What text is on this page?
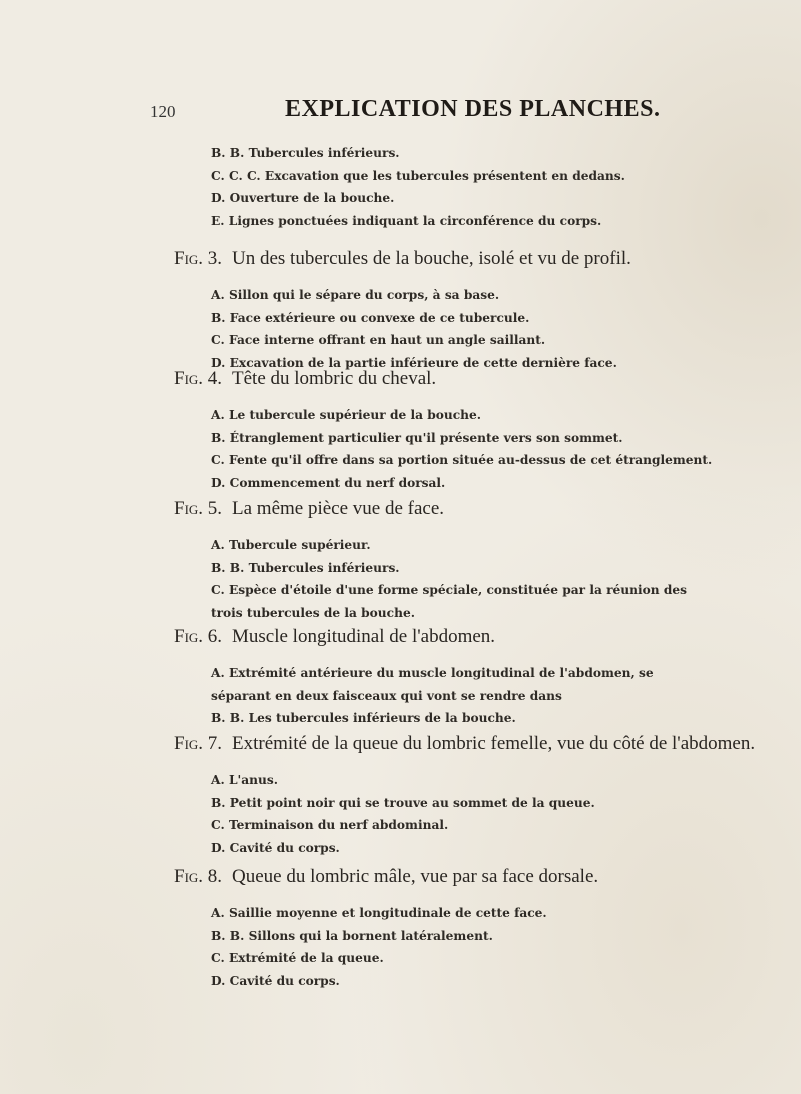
120	EXPLICATION DES PLANCHES.
B. B. Tubercules inférieurs.
C. C. C. Excavation que les tubercules présentent en dedans.
D. Ouverture de la bouche.
E. Lignes ponctuées indiquant la circonférence du corps.
Fig. 3. Un des tubercules de la bouche, isolé et vu de profil.
A. Sillon qui le sépare du corps, à sa base.
B. Face extérieure ou convexe de ce tubercule.
C. Face interne offrant en haut un angle saillant.
D. Excavation de la partie inférieure de cette dernière face.
Fig. 4. Tête du lombric du cheval.
A. Le tubercule supérieur de la bouche.
B. Étranglement particulier qu'il présente vers son sommet.
C. Fente qu'il offre dans sa portion située au-dessus de cet étranglement.
D. Commencement du nerf dorsal.
Fig. 5. La même pièce vue de face.
A. Tubercule supérieur.
B. B. Tubercules inférieurs.
C. Espèce d'étoile d'une forme spéciale, constituée par la réunion des trois tubercules de la bouche.
Fig. 6. Muscle longitudinal de l'abdomen.
A. Extrémité antérieure du muscle longitudinal de l'abdomen, se séparant en deux faisceaux qui vont se rendre dans
B. B. Les tubercules inférieurs de la bouche.
Fig. 7. Extrémité de la queue du lombric femelle, vue du côté de l'abdomen.
A. L'anus.
B. Petit point noir qui se trouve au sommet de la queue.
C. Terminaison du nerf abdominal.
D. Cavité du corps.
Fig. 8. Queue du lombric mâle, vue par sa face dorsale.
A. Saillie moyenne et longitudinale de cette face.
B. B. Sillons qui la bornent latéralement.
C. Extrémité de la queue.
D. Cavité du corps.
